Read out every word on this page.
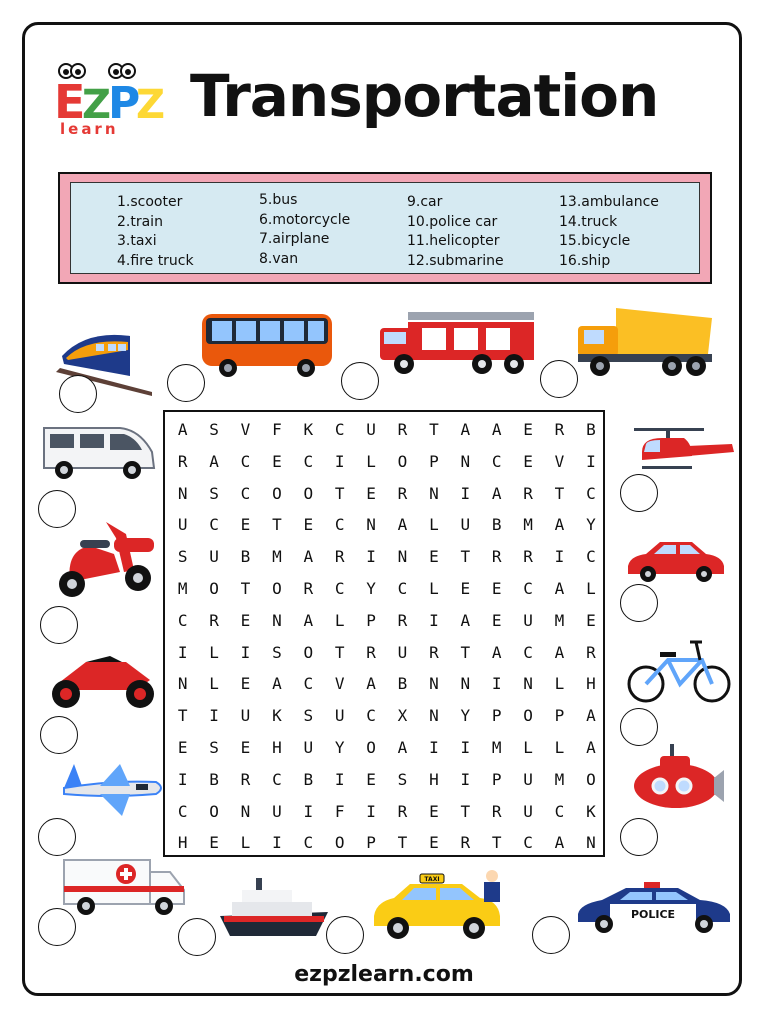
E
Z
P
Z
learn Transportation
1.scooter
2.train
3.taxi
4.fire truck
5.bus
6.motorcycle
7.airplane
8.van
9.car
10.police car
11.helicopter
12.submarine
13.ambulance
14.truck
15.bicycle
16.ship
TAXI
POLICE
A	S	V	F	K	C	U	R	T	A	A	E	R	B
R	A	C	E	C	I	L	O	P	N	C	E	V	I
N	S	C	O	O	T	E	R	N	I	A	R	T	C
U	C	E	T	E	C	N	A	L	U	B	M	A	Y
S	U	B	M	A	R	I	N	E	T	R	R	I	C
M	O	T	O	R	C	Y	C	L	E	E	C	A	L
C	R	E	N	A	L	P	R	I	A	E	U	M	E
I	L	I	S	O	T	R	U	R	T	A	C	A	R
N	L	E	A	C	V	A	B	N	N	I	N	L	H
T	I	U	K	S	U	C	X	N	Y	P	O	P	A
E	S	E	H	U	Y	O	A	I	I	M	L	L	A
I	B	R	C	B	I	E	S	H	I	P	U	M	O
C	O	N	U	I	F	I	R	E	T	R	U	C	K
H	E	L	I	C	O	P	T	E	R	T	C	A	N
ezpzlearn.com
